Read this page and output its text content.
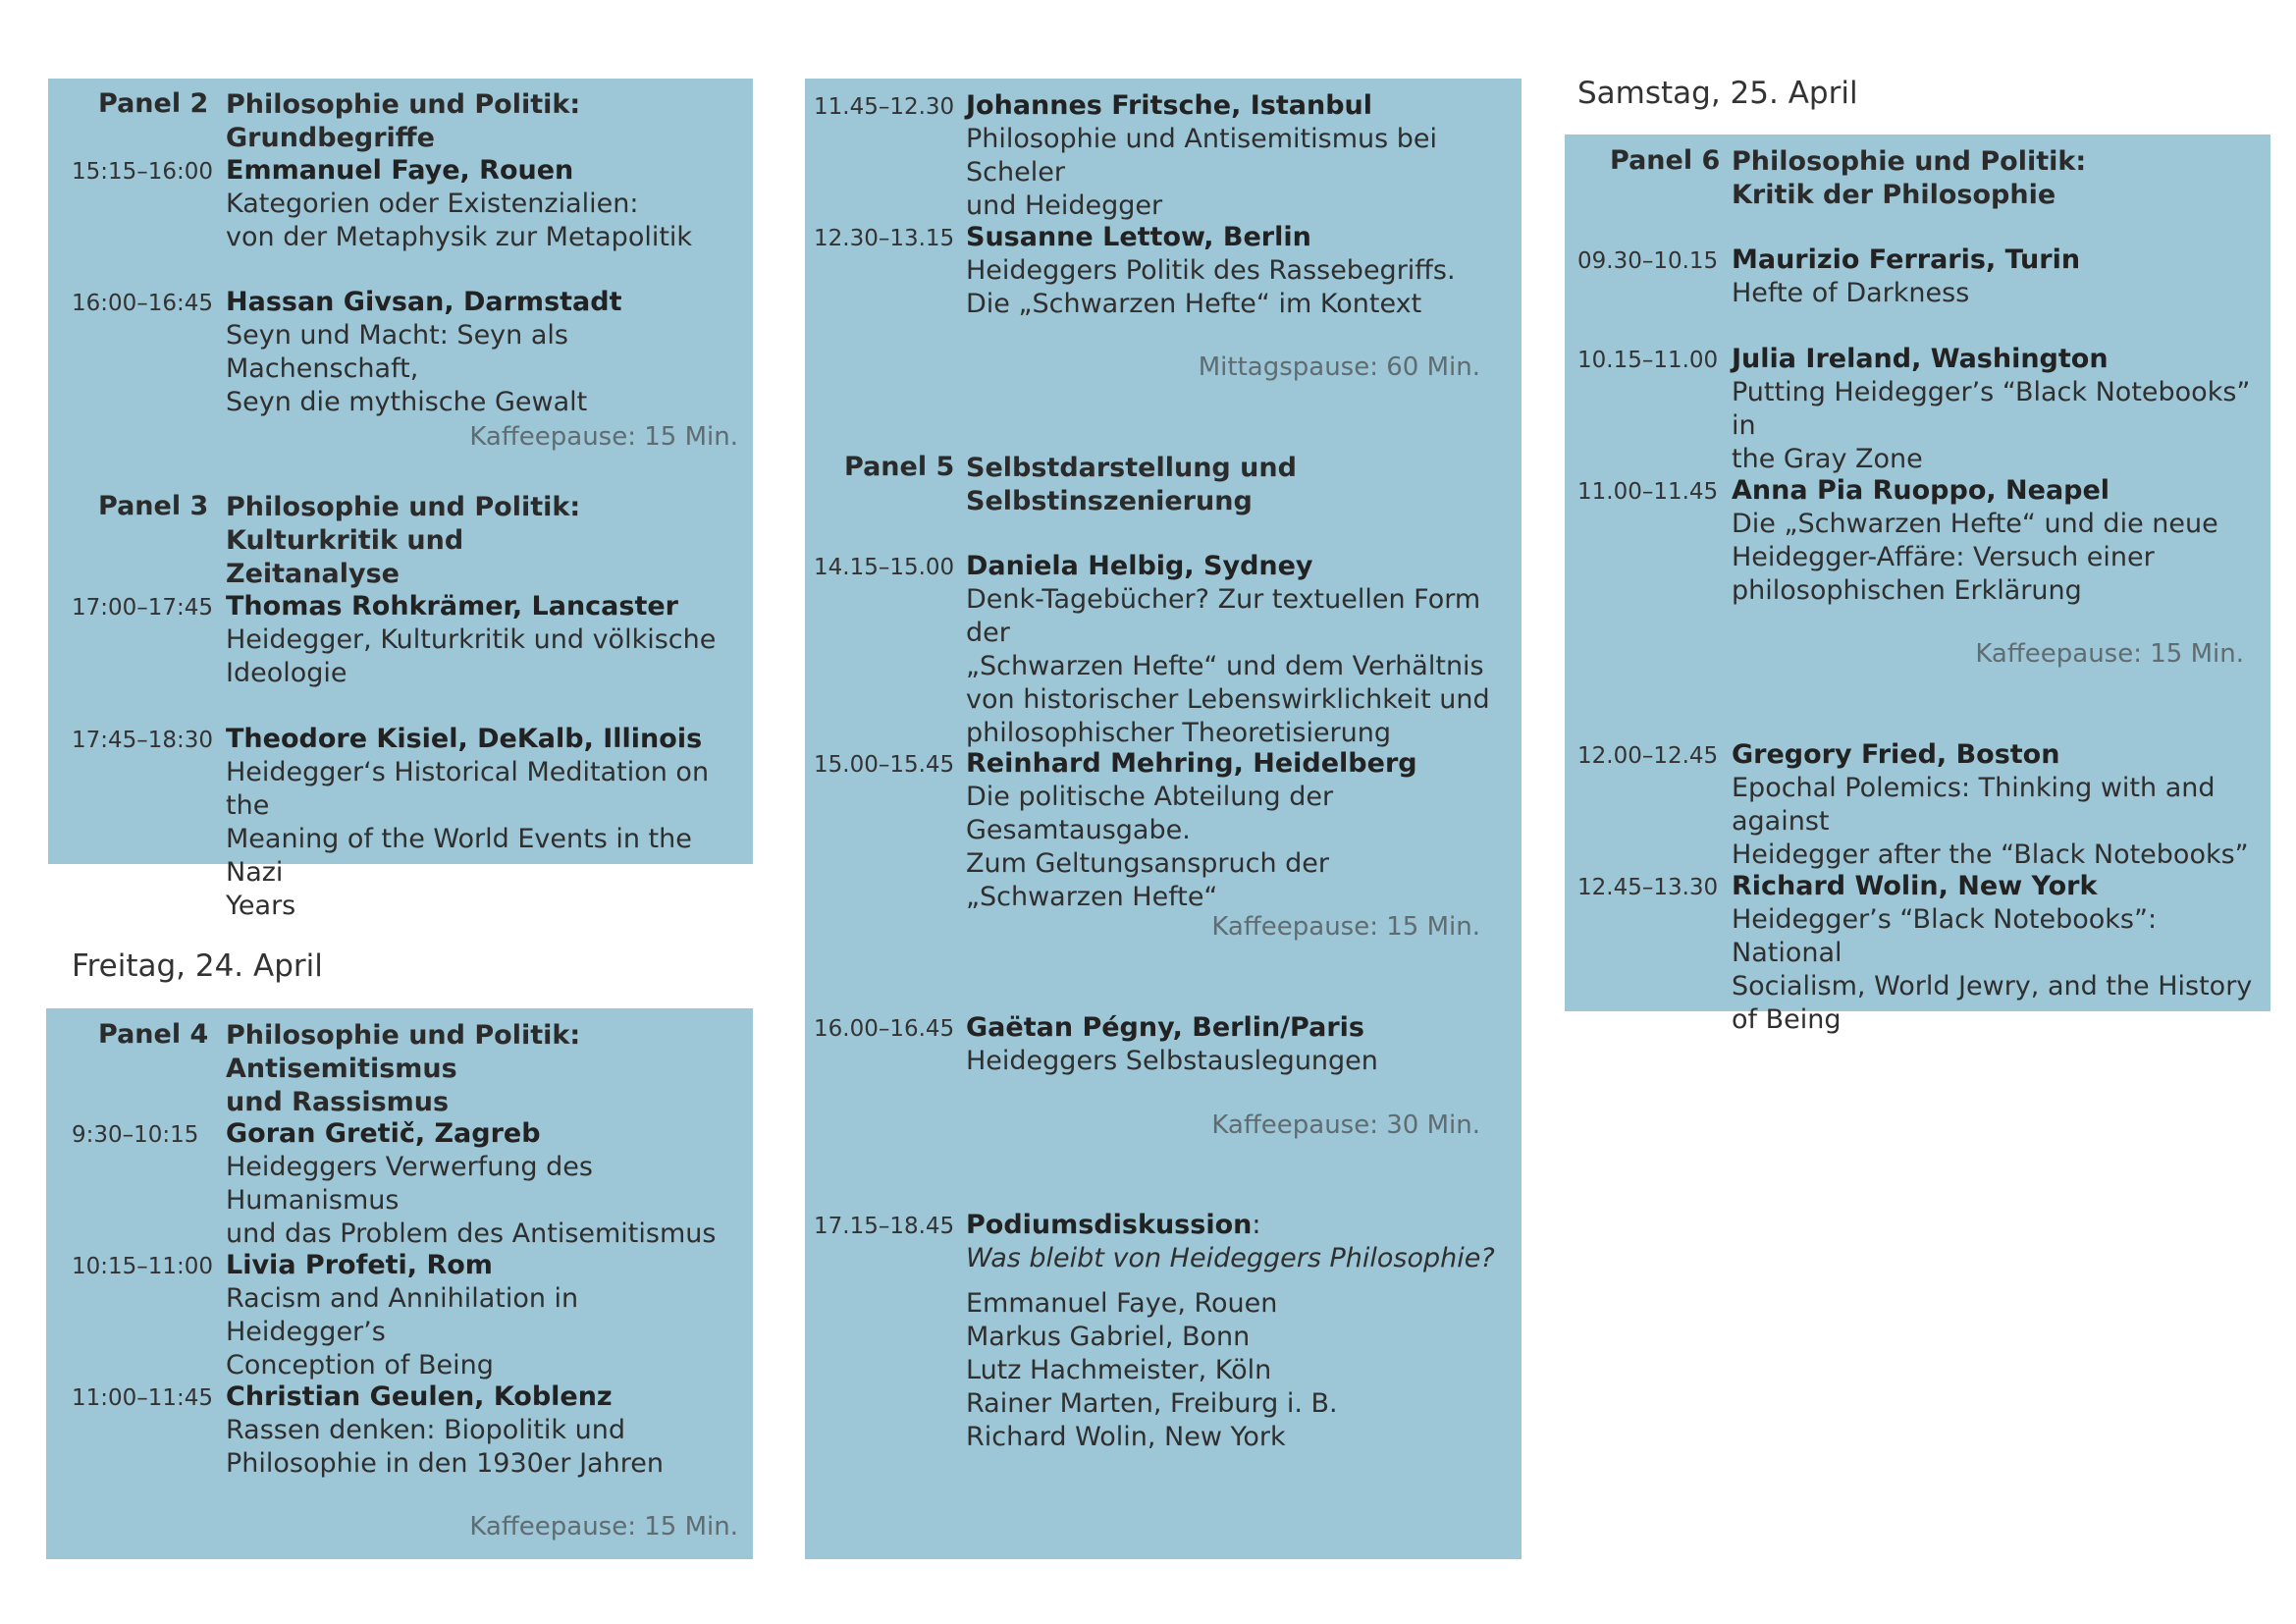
Panel 2 Philosophie und Politik: Grundbegriffe
15:15–16:00 Emmanuel Faye, Rouen
Kategorien oder Existenzialien:
von der Metaphysik zur Metapolitik
16:00–16:45 Hassan Givsan, Darmstadt
Seyn und Macht: Seyn als Machenschaft,
Seyn die mythische Gewalt
Kaffeepause: 15 Min.
Panel 3 Philosophie und Politik: Kulturkritik und
Zeitanalyse
17:00–17:45 Thomas Rohkrämer, Lancaster
Heidegger, Kulturkritik und völkische
Ideologie
17:45–18:30 Theodore Kisiel, DeKalb, Illinois
Heidegger‘s Historical Meditation on the
Meaning of the World Events in the Nazi
Years
Freitag, 24. April
Panel 4 Philosophie und Politik: Antisemitismus
und Rassismus
9:30–10:15 Goran Gretič, Zagreb
Heideggers Verwerfung des Humanismus
und das Problem des Antisemitismus
10:15–11:00 Livia Profeti, Rom
Racism and Annihilation in Heidegger’s
Conception of Being
11:00–11:45 Christian Geulen, Koblenz
Rassen denken: Biopolitik und
Philosophie in den 1930er Jahren
Kaffeepause: 15 Min.
11.45–12.30 Johannes Fritsche, Istanbul
Philosophie und Antisemitismus bei Scheler
und Heidegger
12.30–13.15 Susanne Lettow, Berlin
Heideggers Politik des Rassebegriffs.
Die „Schwarzen Hefte“ im Kontext
Mittagspause: 60 Min.
Panel 5 Selbstdarstellung und Selbstinszenierung
14.15–15.00 Daniela Helbig, Sydney
Denk-Tagebücher? Zur textuellen Form der
„Schwarzen Hefte“ und dem Verhältnis
von historischer Lebenswirklichkeit und
philosophischer Theoretisierung
15.00–15.45 Reinhard Mehring, Heidelberg
Die politische Abteilung der Gesamtausgabe.
Zum Geltungsanspruch der
„Schwarzen Hefte“
Kaffeepause: 15 Min.
16.00–16.45 Gaëtan Pégny, Berlin/Paris
Heideggers Selbstauslegungen
Kaffeepause: 30 Min.
17.15–18.45 Podiumsdiskussion:
Was bleibt von Heideggers Philosophie?
Emmanuel Faye, Rouen
Markus Gabriel, Bonn
Lutz Hachmeister, Köln
Rainer Marten, Freiburg i. B.
Richard Wolin, New York
Samstag, 25. April
Panel 6 Philosophie und Politik:
Kritik der Philosophie
09.30–10.15 Maurizio Ferraris, Turin
Hefte of Darkness
10.15–11.00 Julia Ireland, Washington
Putting Heidegger’s “Black Notebooks” in
the Gray Zone
11.00–11.45 Anna Pia Ruoppo, Neapel
Die „Schwarzen Hefte“ und die neue
Heidegger-Affäre: Versuch einer
philosophischen Erklärung
Kaffeepause: 15 Min.
12.00–12.45 Gregory Fried, Boston
Epochal Polemics: Thinking with and against
Heidegger after the “Black Notebooks”
12.45–13.30 Richard Wolin, New York
Heidegger’s “Black Notebooks”: National
Socialism, World Jewry, and the History
of Being
